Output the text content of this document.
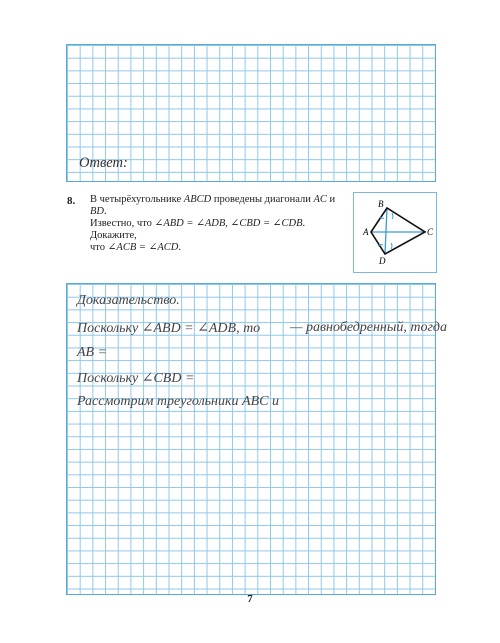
Ответ:
8. В четырёхугольнике ABCD проведены диагонали AC и BD.
Известно, что ∠ABD = ∠ADB, ∠CBD = ∠CDB. Докажите,
что ∠ACB = ∠ACD.
B
A	C
D
Доказательство.
Поскольку ∠ABD = ∠ADB, то — равнобедренный, тогда
AB =
Поскольку ∠CBD =
Рассмотрим треугольники ABC и
7
